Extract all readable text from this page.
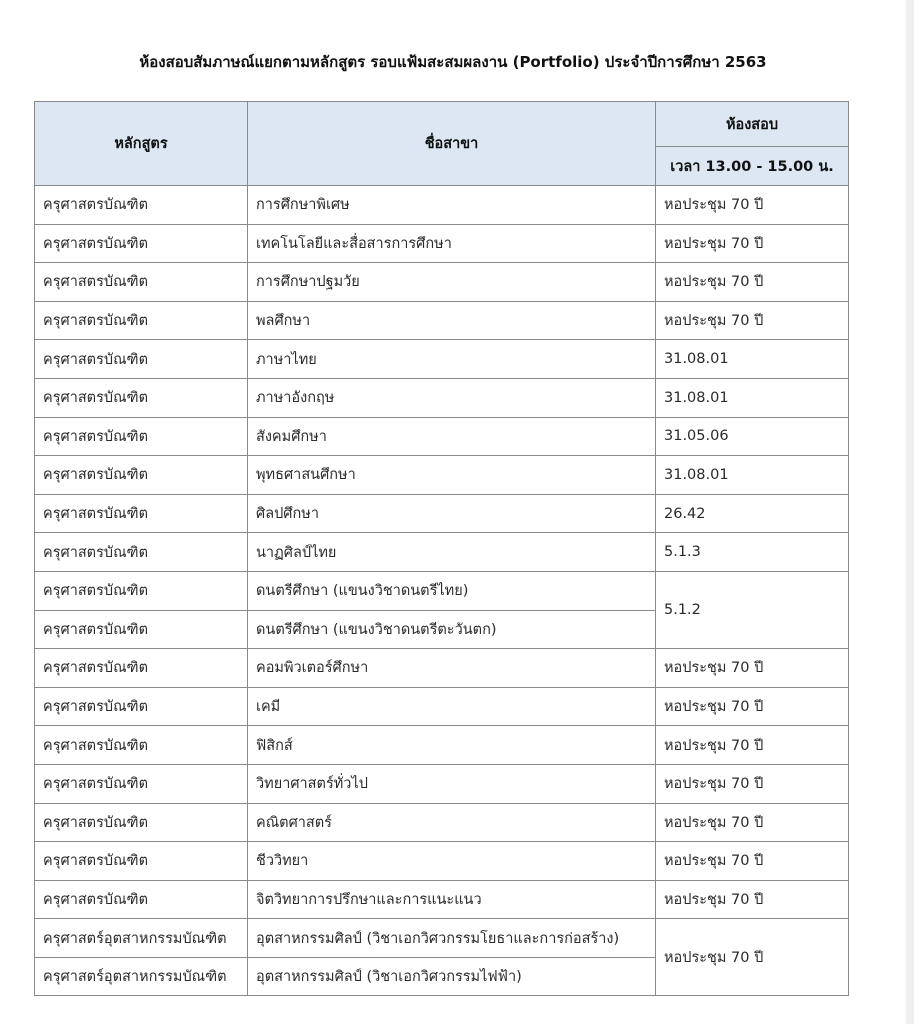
ห้องสอบสัมภาษณ์แยกตามหลักสูตร รอบแฟ้มสะสมผลงาน (Portfolio) ประจำปีการศึกษา 2563
หลักสูตร	ชื่อสาขา	ห้องสอบ
		เวลา 13.00 - 15.00 น.
ครุศาสตรบัณฑิต	การศึกษาพิเศษ	หอประชุม 70 ปี
ครุศาสตรบัณฑิต	เทคโนโลยีและสื่อสารการศึกษา	หอประชุม 70 ปี
ครุศาสตรบัณฑิต	การศึกษาปฐมวัย	หอประชุม 70 ปี
ครุศาสตรบัณฑิต	พลศึกษา	หอประชุม 70 ปี
ครุศาสตรบัณฑิต	ภาษาไทย	31.08.01
ครุศาสตรบัณฑิต	ภาษาอังกฤษ	31.08.01
ครุศาสตรบัณฑิต	สังคมศึกษา	31.05.06
ครุศาสตรบัณฑิต	พุทธศาสนศึกษา	31.08.01
ครุศาสตรบัณฑิต	ศิลปศึกษา	26.42
ครุศาสตรบัณฑิต	นาฏศิลป์ไทย	5.1.3
ครุศาสตรบัณฑิต	ดนตรีศึกษา (แขนงวิชาดนตรีไทย)	5.1.2
ครุศาสตรบัณฑิต	ดนตรีศึกษา (แขนงวิชาดนตรีตะวันตก)	
ครุศาสตรบัณฑิต	คอมพิวเตอร์ศึกษา	หอประชุม 70 ปี
ครุศาสตรบัณฑิต	เคมี	หอประชุม 70 ปี
ครุศาสตรบัณฑิต	ฟิสิกส์	หอประชุม 70 ปี
ครุศาสตรบัณฑิต	วิทยาศาสตร์ทั่วไป	หอประชุม 70 ปี
ครุศาสตรบัณฑิต	คณิตศาสตร์	หอประชุม 70 ปี
ครุศาสตรบัณฑิต	ชีววิทยา	หอประชุม 70 ปี
ครุศาสตรบัณฑิต	จิตวิทยาการปรึกษาและการแนะแนว	หอประชุม 70 ปี
ครุศาสตร์อุตสาหกรรมบัณฑิต	อุตสาหกรรมศิลป์ (วิชาเอกวิศวกรรมโยธาและการก่อสร้าง)	หอประชุม 70 ปี
ครุศาสตร์อุตสาหกรรมบัณฑิต	อุตสาหกรรมศิลป์ (วิชาเอกวิศวกรรมไฟฟ้า)	
